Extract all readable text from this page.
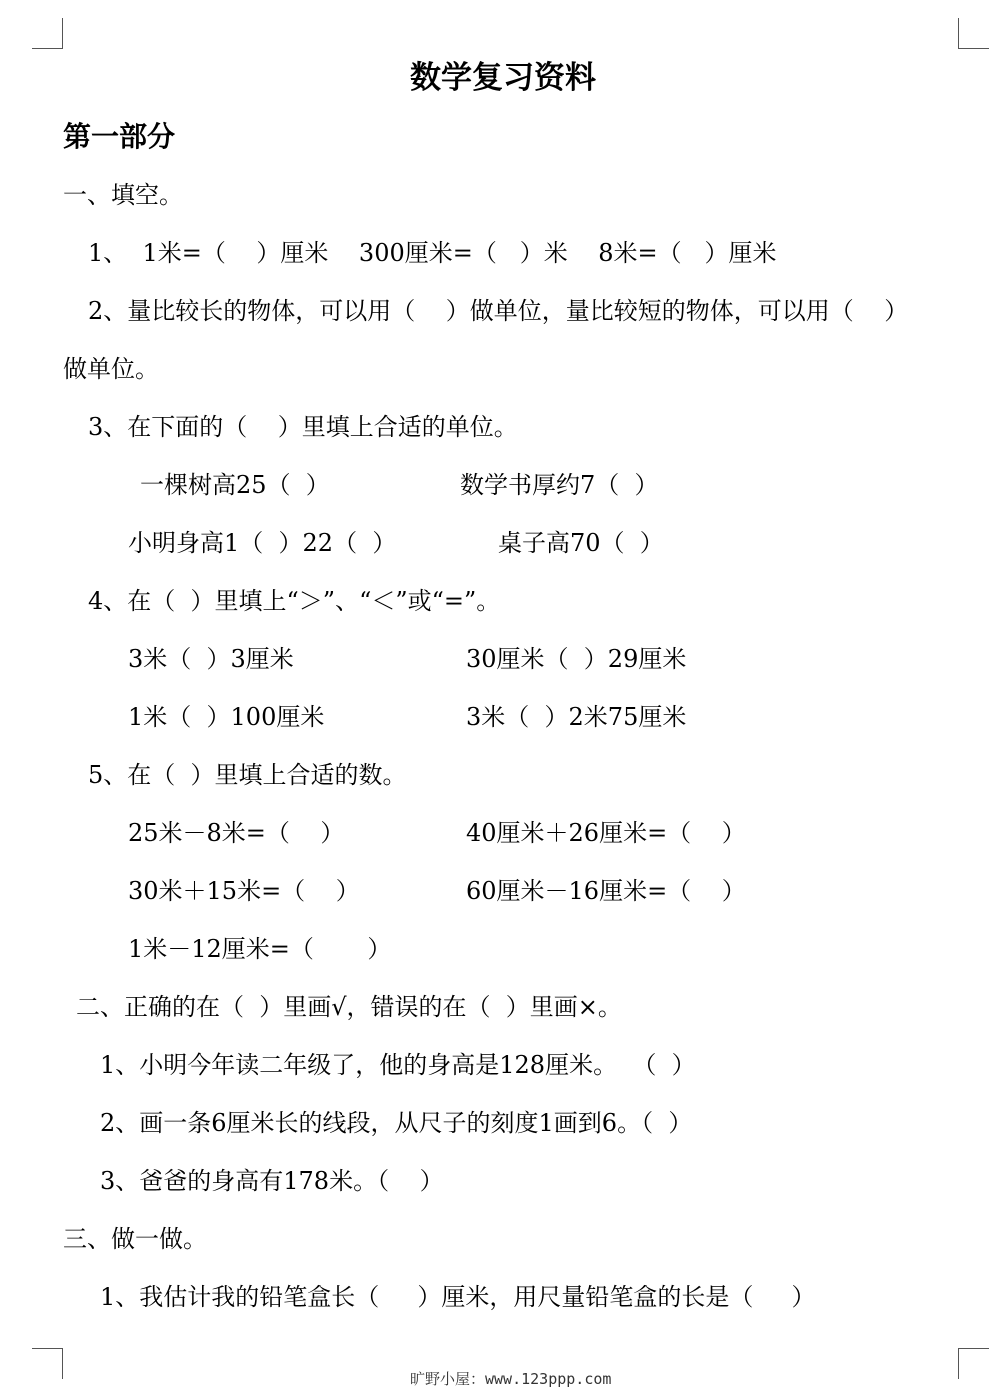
数学复习资料
第一部分
一、填空。
1、  1米=（    ）厘米    300厘米=（   ）米    8米=（   ）厘米
2、量比较长的物体，可以用（    ）做单位，量比较短的物体，可以用（    ）
做单位。
3、在下面的（    ）里填上合适的单位。
一棵树高25（  ）	数学书厚约7（  ）
小明身高1（  ）22（  ）	桌子高70（  ）
4、在（  ）里填上“＞”、“＜”或“=”。
3米（  ）3厘米	30厘米（  ）29厘米
1米（  ）100厘米	3米（  ）2米75厘米
5、在（  ）里填上合适的数。
25米－8米=（    ）	40厘米＋26厘米=（    ）
30米＋15米=（    ）	60厘米－16厘米=（    ）
1米－12厘米=（       ）
二、正确的在（  ）里画√，错误的在（  ）里画×。
1、小明今年读二年级了，他的身高是128厘米。  （  ）
2、画一条6厘米长的线段，从尺子的刻度1画到6。（  ）
3、爸爸的身高有178米。（    ）
三、做一做。
1、我估计我的铅笔盒长（     ）厘米，用尺量铅笔盒的长是（     ）
旷野小屋：www.123ppp.com
